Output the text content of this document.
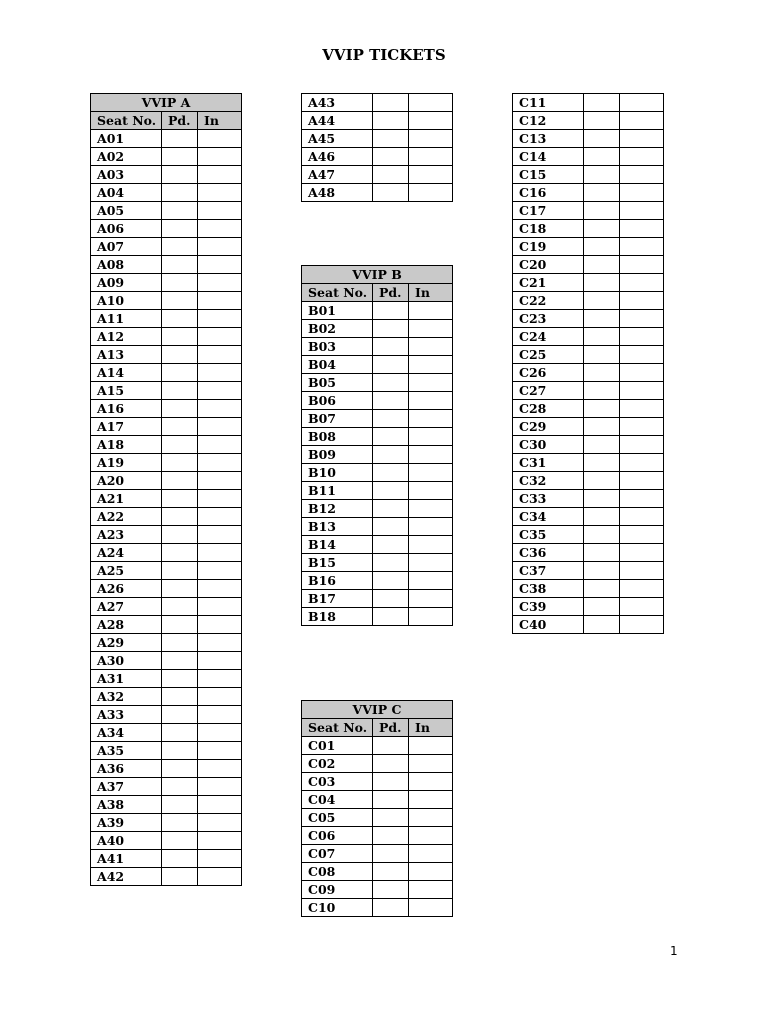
VVIP TICKETS
VVIP A		
Seat No.	Pd.	In
A01		
A02		
A03		
A04		
A05		
A06		
A07		
A08		
A09		
A10		
A11		
A12		
A13		
A14		
A15		
A16		
A17		
A18		
A19		
A20		
A21		
A22		
A23		
A24		
A25		
A26		
A27		
A28		
A29		
A30		
A31		
A32		
A33		
A34		
A35		
A36		
A37		
A38		
A39		
A40		
A41		
A42		
A43		
A44		
A45		
A46		
A47		
A48		
VVIP B		
Seat No.	Pd.	In
B01		
B02		
B03		
B04		
B05		
B06		
B07		
B08		
B09		
B10		
B11		
B12		
B13		
B14		
B15		
B16		
B17		
B18		
VVIP C		
Seat No.	Pd.	In
C01		
C02		
C03		
C04		
C05		
C06		
C07		
C08		
C09		
C10		
C11		
C12		
C13		
C14		
C15		
C16		
C17		
C18		
C19		
C20		
C21		
C22		
C23		
C24		
C25		
C26		
C27		
C28		
C29		
C30		
C31		
C32		
C33		
C34		
C35		
C36		
C37		
C38		
C39		
C40		
1
